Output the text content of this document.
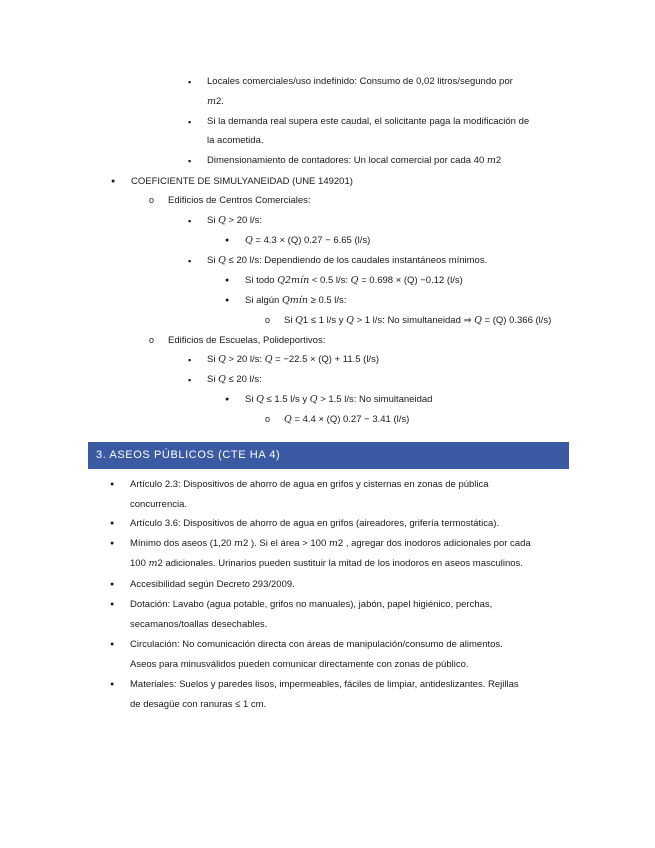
▪ Locales comerciales/uso indefinido: Consumo de 0,02 litros/segundo por
m2.
▪ Si la demanda real supera este caudal, el solicitante paga la modificación de
la acometida.
▪ Dimensionamiento de contadores: Un local comercial por cada 40 m2
● COEFICIENTE DE SIMULYANEIDAD (UNE 149201)
o Edificios de Centros Comerciales:
▪ Si Q > 20 l/s:
● Q = 4.3 × (Q) 0.27 − 6.65 (l/s)
▪ Si Q ≤ 20 l/s: Dependiendo de los caudales instantáneos mínimos.
● Si todo Q2mín < 0.5 l/s: Q = 0.698 × (Q) −0.12 (l/s)
● Si algún Qmín ≥ 0.5 l/s:
o Si Q1 ≤ 1 l/s y Q > 1 l/s: No simultaneidad ⇒ Q = (Q) 0.366 (l/s)
o Edificios de Escuelas, Polideportivos:
▪ Si Q > 20 l/s: Q = −22.5 × (Q) + 11.5 (l/s)
▪ Si Q ≤ 20 l/s:
● Si Q ≤ 1.5 l/s y Q > 1.5 l/s: No simultaneidad
o Q = 4.4 × (Q) 0.27 − 3.41 (l/s)
3. ASEOS PÚBLICOS (CTE HA 4)
● Artículo 2.3: Dispositivos de ahorro de agua en grifos y cisternas en zonas de pública
concurrencia.
● Artículo 3.6: Dispositivos de ahorro de agua en grifos (aireadores, grifería termostática).
● Mínimo dos aseos (1,20 m2 ). Si el área > 100 m2 , agregar dos inodoros adicionales por cada
100 m2 adicionales. Urinarios pueden sustituir la mitad de los inodoros en aseos masculinos.
● Accesibilidad según Decreto 293/2009.
● Dotación: Lavabo (agua potable, grifos no manuales), jabón, papel higiénico, perchas,
secamanos/toallas desechables.
● Circulación: No comunicación directa con áreas de manipulación/consumo de alimentos.
Aseos para minusválidos pueden comunicar directamente con zonas de público.
● Materiales: Suelos y paredes lisos, impermeables, fáciles de limpiar, antideslizantes. Rejillas
de desagüe con ranuras ≤ 1 cm.
